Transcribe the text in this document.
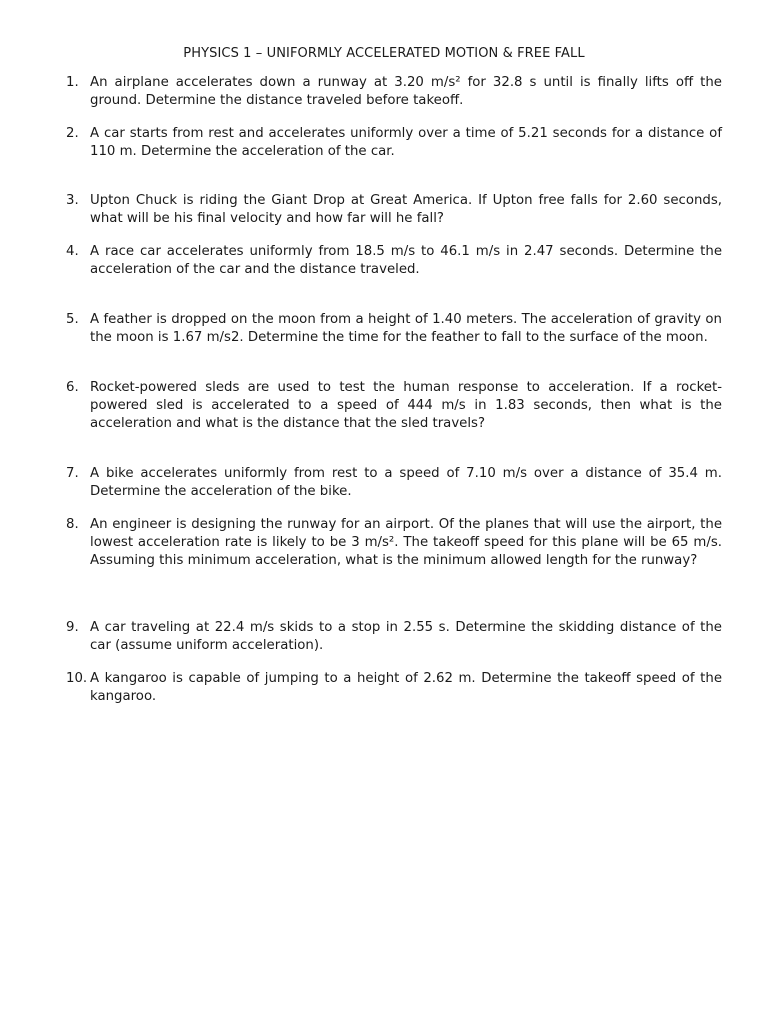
PHYSICS 1 – UNIFORMLY ACCELERATED MOTION & FREE FALL
1. An airplane accelerates down a runway at 3.20 m/s² for 32.8 s until is finally lifts off the ground. Determine the distance traveled before takeoff.
2. A car starts from rest and accelerates uniformly over a time of 5.21 seconds for a distance of 110 m. Determine the acceleration of the car.
3. Upton Chuck is riding the Giant Drop at Great America. If Upton free falls for 2.60 seconds, what will be his final velocity and how far will he fall?
4. A race car accelerates uniformly from 18.5 m/s to 46.1 m/s in 2.47 seconds. Determine the acceleration of the car and the distance traveled.
5. A feather is dropped on the moon from a height of 1.40 meters. The acceleration of gravity on the moon is 1.67 m/s2. Determine the time for the feather to fall to the surface of the moon.
6. Rocket-powered sleds are used to test the human response to acceleration. If a rocket-powered sled is accelerated to a speed of 444 m/s in 1.83 seconds, then what is the acceleration and what is the distance that the sled travels?
7. A bike accelerates uniformly from rest to a speed of 7.10 m/s over a distance of 35.4 m. Determine the acceleration of the bike.
8. An engineer is designing the runway for an airport. Of the planes that will use the airport, the lowest acceleration rate is likely to be 3 m/s². The takeoff speed for this plane will be 65 m/s. Assuming this minimum acceleration, what is the minimum allowed length for the runway?
9. A car traveling at 22.4 m/s skids to a stop in 2.55 s. Determine the skidding distance of the car (assume uniform acceleration).
10. A kangaroo is capable of jumping to a height of 2.62 m. Determine the takeoff speed of the kangaroo.
